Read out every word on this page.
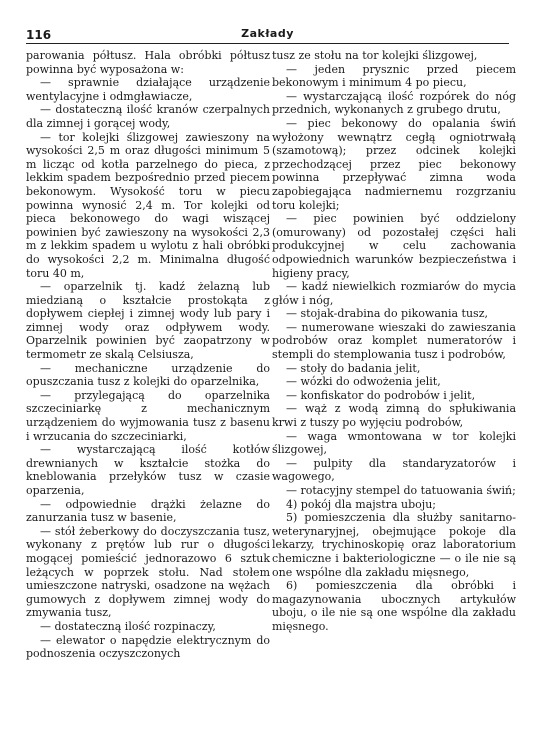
116	Zakłady

parowania półtusz. Hala obróbki półtusz powinna być wyposażona w:

— sprawnie działające urządzenie wentylacyjne i odmgławiacze,

— dostateczną ilość kranów czerpalnych dla zimnej i gorącej wody,

— tor kolejki ślizgowej zawieszony na wysokości 2,5 m oraz długości minimum 5 m licząc od kotła parzelnego do pieca, z lekkim spadem bezpośrednio przed piecem bekonowym. Wysokość toru w piecu powinna wynosić 2,4 m. Tor kolejki od pieca bekonowego do wagi wiszącej powinien być zawieszony na wysokości 2,3 m z lekkim spadem u wylotu z hali obróbki do wysokości 2,2 m. Minimalna długość toru 40 m,

— oparzelnik tj. kadź żelazną lub miedzianą o kształcie prostokąta z dopływem ciepłej i zimnej wody lub pary i zimnej wody oraz odpływem wody. Oparzelnik powinien być zaopatrzony w termometr ze skalą Celsiusza,

— mechaniczne urządzenie do opuszczania tusz z kolejki do oparzelnika,

— przylegającą do oparzelnika szczeciniarkę z mechanicznym urządzeniem do wyjmowania tusz z basenu i wrzucania do szczeciniarki,

— wystarczającą ilość kotłów drewnianych w kształcie stożka do kneblowania przełyków tusz w czasie oparzenia,

— odpowiednie drążki żelazne do zanurzania tusz w basenie,

— stół żeberkowy do doczyszczania tusz, wykonany z prętów lub rur o długości mogącej pomieścić jednorazowo 6 sztuk leżących w poprzek stołu. Nad stołem umieszczone natryski, osadzone na wężach gumowych z dopływem zimnej wody do zmywania tusz,

— dostateczną ilość rozpinaczy,

— elewator o napędzie elektrycznym do podnoszenia oczyszczonych

tusz ze stołu na tor kolejki ślizgowej,

— jeden prysznic przed piecem bekonowym i minimum 4 po piecu,

— wystarczającą ilość rozpórek do nóg przednich, wykonanych z grubego drutu,

— piec bekonowy do opalania świń wyłożony wewnątrz cegłą ogniotrwałą (szamotową); przez odcinek kolejki przechodzącej przez piec bekonowy powinna przepływać zimna woda zapobiegająca nadmiernemu rozgrzaniu toru kolejki;

— piec powinien być oddzielony (omurowany) od pozostałej części hali produkcyjnej w celu zachowania odpowiednich warunków bezpieczeństwa i higieny pracy,

— kadź niewielkich rozmiarów do mycia głów i nóg,

— stojak-drabina do pikowania tusz,

— numerowane wieszaki do zawieszania podrobów oraz komplet numeratorów i stempli do stemplowania tusz i podrobów,

— stoły do badania jelit,

— wózki do odwożenia jelit,

— konfiskator do podrobów i jelit,

— wąż z wodą zimną do spłukiwania krwi z tuszy po wyjęciu podrobów,

— waga wmontowana w tor kolejki ślizgowej,

— pulpity dla standaryzatorów i wagowego,

— rotacyjny stempel do tatuowania świń;

4) pokój dla majstra uboju;

5) pomieszczenia dla służby sanitarno-weterynaryjnej, obejmujące pokoje dla lekarzy, trychinoskopię oraz laboratorium chemiczne i bakteriologiczne — o ile nie są one wspólne dla zakładu mięsnego,

6) pomieszczenia dla obróbki i magazynowania ubocznych artykułów uboju, o ile nie są one wspólne dla zakładu mięsnego.
